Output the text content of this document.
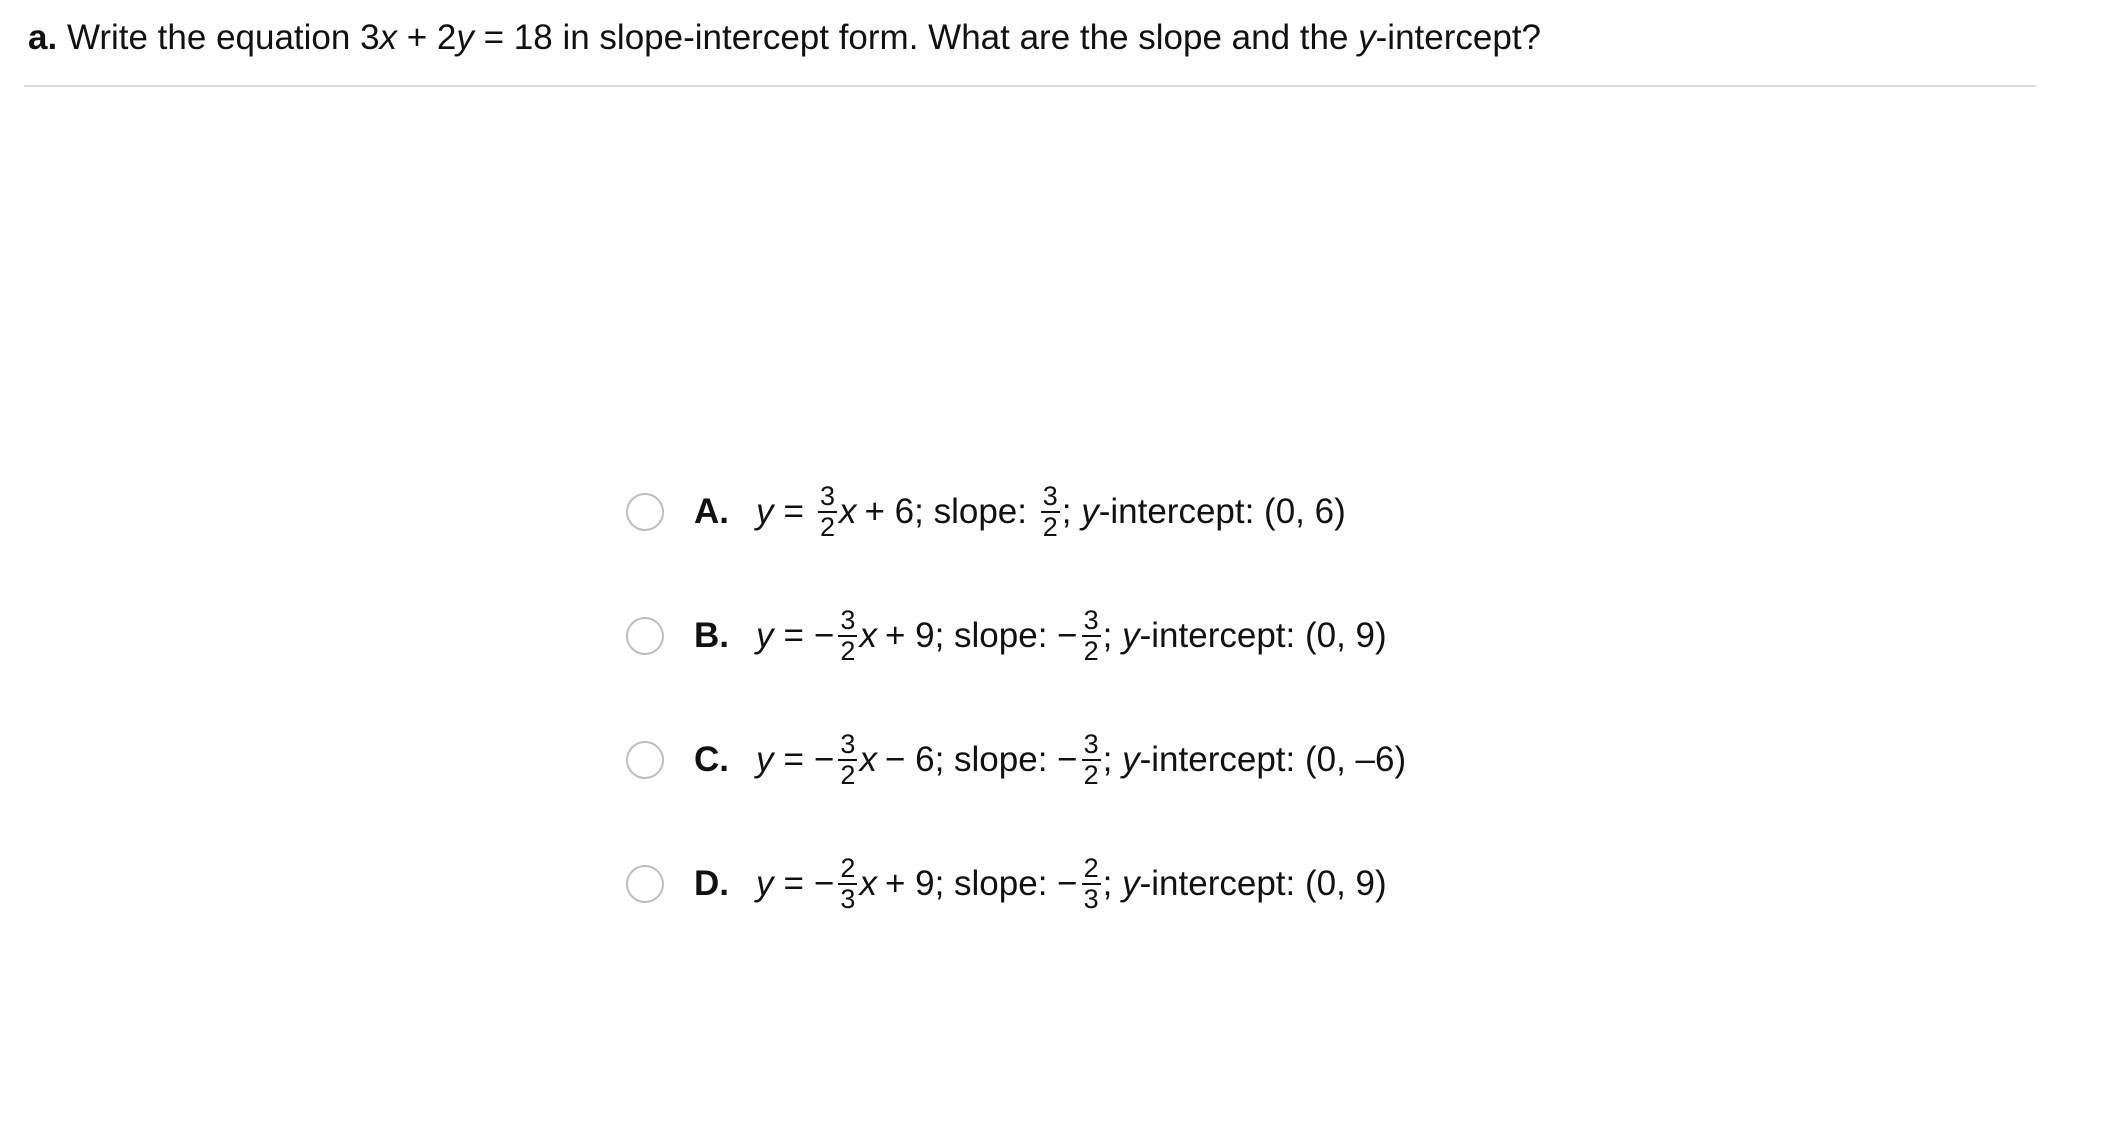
a. Write the equation 3x + 2y = 18 in slope-intercept form. What are the slope and the y-intercept?
A. $y = \frac{3}{2}$ x + 6 ; slope: $\frac{3}{2}$ ; y -intercept: (0, 6)
B. y = − $\frac{3}{2}$ x + 9 ; slope: − $\frac{3}{2}$ ; y -intercept: (0, 9)
C. y = − $\frac{3}{2}$ x − 6 ; slope: − $\frac{3}{2}$ ; y -intercept: (0, –6)
D. y = − $\frac{2}{3}$ x + 9 ; slope: − $\frac{2}{3}$ ; y -intercept: (0, 9)
